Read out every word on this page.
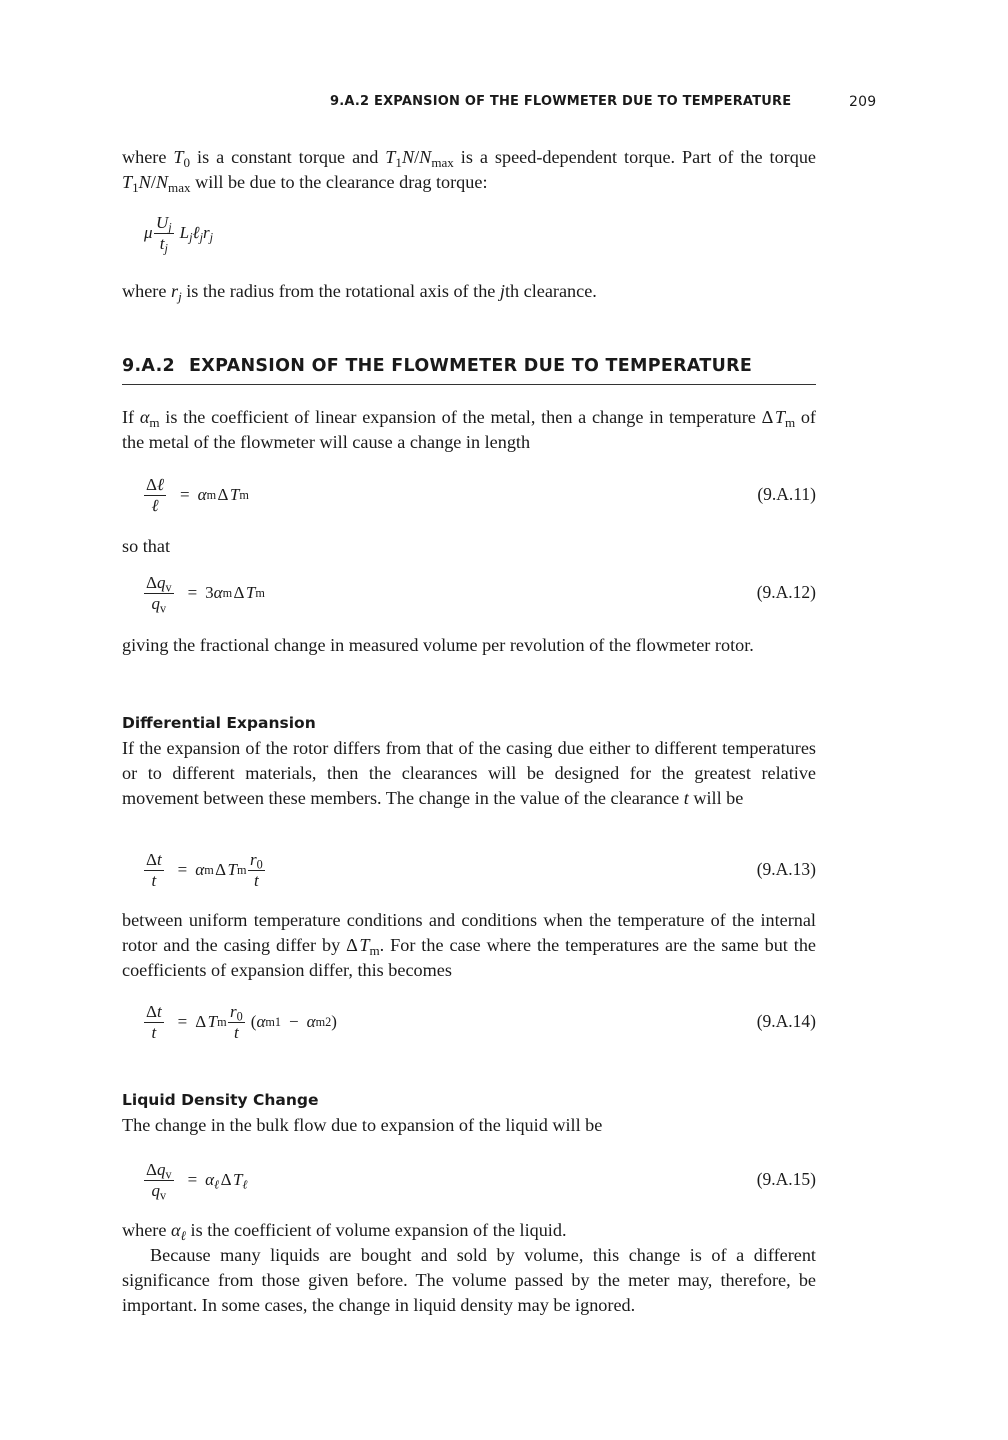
9.A.2 EXPANSION OF THE FLOWMETER DUE TO TEMPERATURE	209

where $T_0$ is a constant torque and $T_1N/N_{max}$ is a speed-dependent torque. Part of the torque $T_1N/N_{max}$ will be due to the clearance drag torque:

μ
  $\frac{U_j}{t_j}$ $L_j\ell_jr_j$

where $r_j$ is the radius from the rotational axis of the jth clearance.

9.A.2 EXPANSION OF THE FLOWMETER DUE TO TEMPERATURE

If $\alpha_m$ is the coefficient of linear expansion of the metal, then a change in temperature Δ $T_m$ of the metal of the flowmeter will cause a change in length

$\frac{\text{Δℓ}}{\text{ℓ}} = \alpha$ m  Δ  T m	(9.A.11)

so that

$\frac{\Delta q_v}{q_v} = 3$ α m  Δ  T m	(9.A.12)

giving the fractional change in measured volume per revolution of the flowmeter rotor.

Differential Expansion

If the expansion of the rotor differs from that of the casing due either to different temperatures or to different materials, then the clearances will be designed for the greatest relative movement between these members. The change in the value of the clearance t will be

$\frac{\Delta t}{t} = \alpha$ m  Δ  T m
  $\frac{r_0}{t}$	(9.A.13)

between uniform temperature conditions and conditions when the temperature of the internal rotor and the casing differ by Δ $T_m$. For the case where the temperatures are the same but the coefficients of expansion differ, this becomes

$\frac{\Delta t}{t} = \Delta$  T m
  $\frac{r_0}{t}$ ( α m1 − α m2 )	(9.A.14)
Liquid Density Change

The change in the bulk flow due to expansion of the liquid will be

$\frac{\Delta q_v}{q_v} = \alpha_\ell$  Δ  $T_\ell$	(9.A.15)

where $\alpha_\ell$ is the coefficient of volume expansion of the liquid.

Because many liquids are bought and sold by volume, this change is of a different significance from those given before. The volume passed by the meter may, therefore, be important. In some cases, the change in liquid density may be ignored.
